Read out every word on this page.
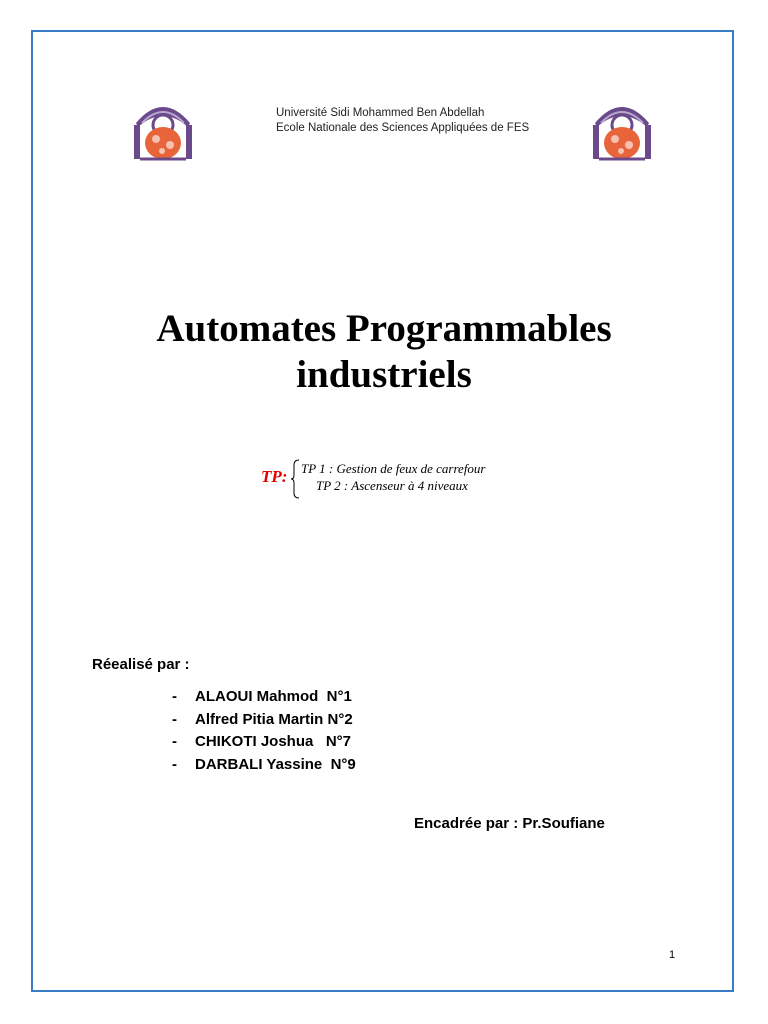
Université Sidi Mohammed Ben Abdellah
Ecole Nationale des Sciences Appliquées de FES
Automates Programmables
industriels
TP: TP 1 : Gestion de feux de carrefour
TP 2 : Ascenseur à 4 niveaux
Réealisé par :
- ALAOUI Mahmod  N°1
- Alfred Pitia Martin N°2
- CHIKOTI Joshua   N°7
- DARBALI Yassine  N°9
Encadrée par : Pr.Soufiane
1
